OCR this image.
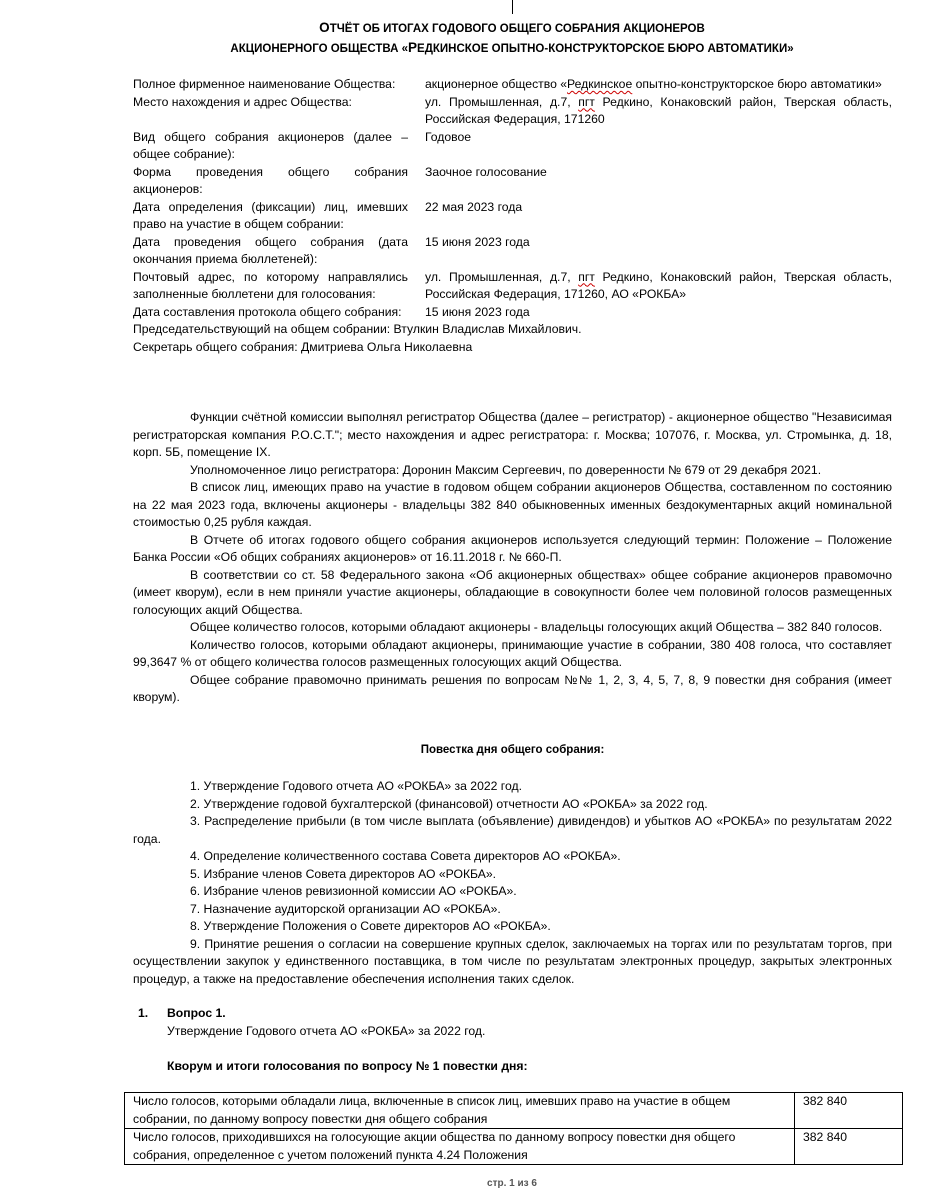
ОТЧЁТ ОБ ИТОГАХ ГОДОВОГО ОБЩЕГО СОБРАНИЯ АКЦИОНЕРОВ
АКЦИОНЕРНОГО ОБЩЕСТВА «РЕДКИНСКОЕ ОПЫТНО-КОНСТРУКТОРСКОЕ БЮРО АВТОМАТИКИ»
Полное фирменное наименование Общества:	акционерное общество «Редкинское опытно-конструкторское бюро автоматики»
Место нахождения и адрес Общества:	ул. Промышленная, д.7, пгт Редкино, Конаковский район, Тверская область, Российская Федерация, 171260
Вид общего собрания акционеров (далее – общее собрание):
Годовое
Форма проведения общего собрания акционеров:
Заочное голосование
Дата определения (фиксации) лиц, имевших право на участие в общем собрании:
22 мая 2023 года
Дата проведения общего собрания (дата окончания приема бюллетеней):
15 июня 2023 года
Почтовый адрес, по которому направлялись заполненные бюллетени для голосования:
ул. Промышленная, д.7, пгт Редкино, Конаковский район, Тверская область, Российская Федерация, 171260, АО «РОКБА»
Дата составления протокола общего собрания:	15 июня 2023 года
Председательствующий на общем собрании: Втулкин Владислав Михайлович.
Секретарь общего собрания: Дмитриева Ольга Николаевна

Функции счётной комиссии выполнял регистратор Общества (далее – регистратор) - акционерное общество "Независимая регистраторская компания Р.О.С.Т."; место нахождения и адрес регистратора: г. Москва; 107076, г. Москва, ул. Стромынка, д. 18, корп. 5Б, помещение IX.

Уполномоченное лицо регистратора: Доронин Максим Сергеевич, по доверенности № 679 от 29 декабря 2021.

В список лиц, имеющих право на участие в годовом общем собрании акционеров Общества, составленном по состоянию на 22 мая 2023 года, включены акционеры - владельцы 382 840 обыкновенных именных бездокументарных акций номинальной стоимостью 0,25 рубля каждая.

В Отчете об итогах годового общего собрания акционеров используется следующий термин: Положение – Положение Банка России «Об общих собраниях акционеров» от 16.11.2018 г. № 660-П.

В соответствии со ст. 58 Федерального закона «Об акционерных обществах» общее собрание акционеров правомочно (имеет кворум), если в нем приняли участие акционеры, обладающие в совокупности более чем половиной голосов размещенных голосующих акций Общества.

Общее количество голосов, которыми обладают акционеры - владельцы голосующих акций Общества – 382 840 голосов.

Количество голосов, которыми обладают акционеры, принимающие участие в собрании, 380 408 голоса, что составляет 99,3647 % от общего количества голосов размещенных голосующих акций Общества.

Общее собрание правомочно принимать решения по вопросам №№ 1, 2, 3, 4, 5, 7, 8, 9 повестки дня собрания (имеет кворум).

Повестка дня общего собрания:

1. Утверждение Годового отчета АО «РОКБА» за 2022 год.

2. Утверждение годовой бухгалтерской (финансовой) отчетности АО «РОКБА» за 2022 год.

3. Распределение прибыли (в том числе выплата (объявление) дивидендов) и убытков АО «РОКБА» по результатам 2022 года.

4. Определение количественного состава Совета директоров АО «РОКБА».

5. Избрание членов Совета директоров АО «РОКБА».

6. Избрание членов ревизионной комиссии АО «РОКБА».

7. Назначение аудиторской организации АО «РОКБА».

8. Утверждение Положения о Совете директоров АО «РОКБА».

9. Принятие решения о согласии на совершение крупных сделок, заключаемых на торгах или по результатам торгов, при осуществлении закупок у единственного поставщика, в том числе по результатам электронных процедур, закрытых электронных процедур, а также на предоставление обеспечения исполнения таких сделок.

1. Вопрос 1.
Утверждение Годового отчета АО «РОКБА» за 2022 год.
Кворум и итоги голосования по вопросу № 1 повестки дня:
Число голосов, которыми обладали лица, включенные в список лиц, имевших право на участие в общем собрании, по данному вопросу повестки дня общего собрания	382 840
Число голосов, приходившихся на голосующие акции общества по данному вопросу повестки дня общего собрания, определенное с учетом положений пункта 4.24 Положения	382 840
стр. 1 из 6
